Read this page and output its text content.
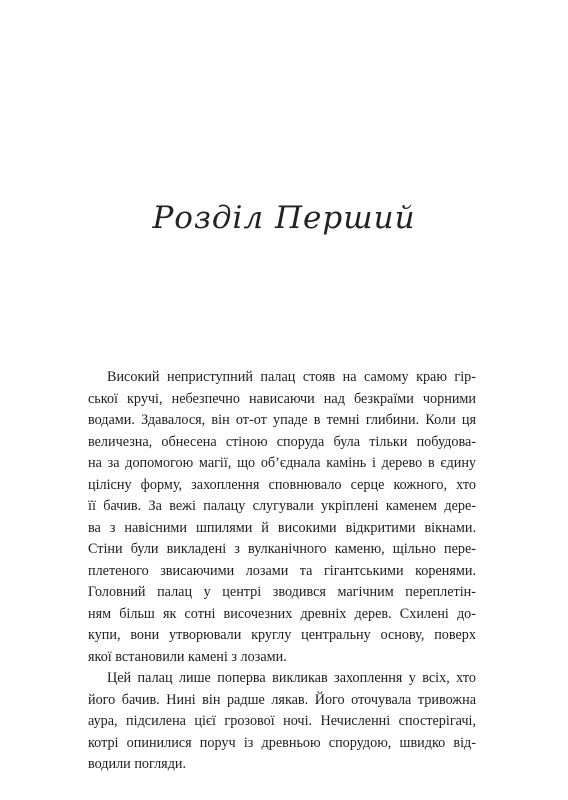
Розділ Перший

Високий неприступний палац стояв на самому краю гір-
ської кручі, небезпечно нависаючи над безкраїми чорними
водами. Здавалося, він от-от упаде в темні глибини. Коли ця
величезна, обнесена стіною споруда була тільки побудова-
на за допомогою магії, що об’єднала камінь і дерево в єдину
цілісну форму, захоплення сповнювало серце кожного, хто
її бачив. За вежі палацу слугували укріплені каменем дере-
ва з навісними шпилями й високими відкритими вікнами.
Стіни були викладені з вулканічного каменю, щільно пере-
плетеного звисаючими лозами та гігантськими коренями.
Головний палац у центрі зводився магічним переплетін-
ням більш як сотні височезних древніх дерев. Схилені до-
купи, вони утворювали круглу центральну основу, поверх
якої встановили камені з лозами.

Цей палац лише поперва викликав захоплення у всіх, хто
його бачив. Нині він радше лякав. Його оточувала тривожна
аура, підсилена цієї грозової ночі. Нечисленні спостерігачі,
котрі опинилися поруч із древньою спорудою, швидко від-
водили погляди.
